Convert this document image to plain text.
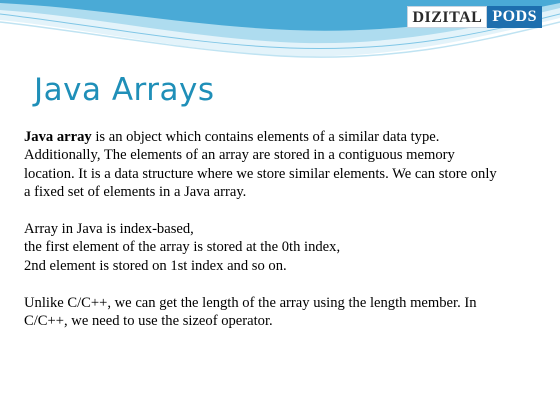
DIZITAL PODS
Java Arrays
Java array is an object which contains elements of a similar data type.
Additionally, The elements of an array are stored in a contiguous memory
location. It is a data structure where we store similar elements. We can store only
a fixed set of elements in a Java array.
Array in Java is index-based,
the first element of the array is stored at the 0th index,
2nd element is stored on 1st index and so on.
Unlike C/C++, we can get the length of the array using the length member. In
C/C++, we need to use the sizeof operator.
